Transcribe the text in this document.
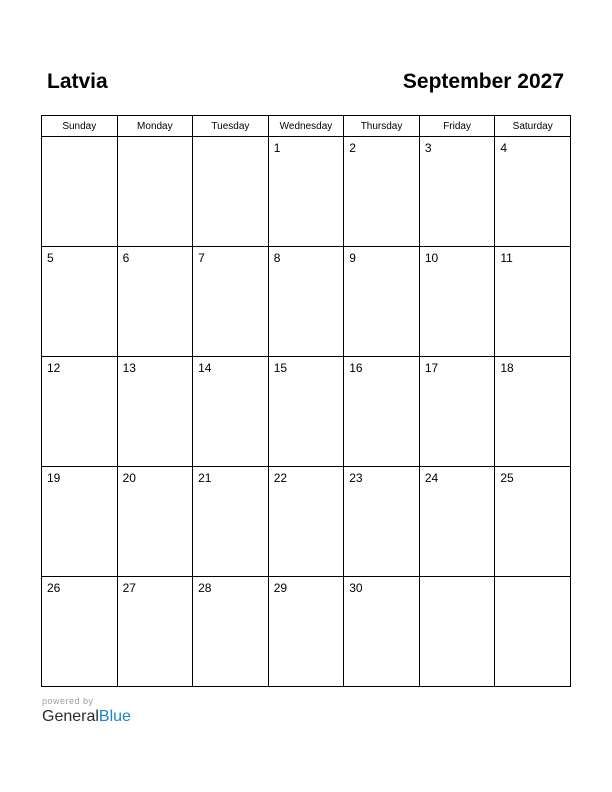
Latvia	September 2027
Sunday	Monday	Tuesday	Wednesday	Thursday	Friday	Saturday

			1	2	3	4

5	6	7	8	9	10	11

12	13	14	15	16	17	18

19	20	21	22	23	24	25

26	27	28	29	30		

powered by
GeneralBlue
